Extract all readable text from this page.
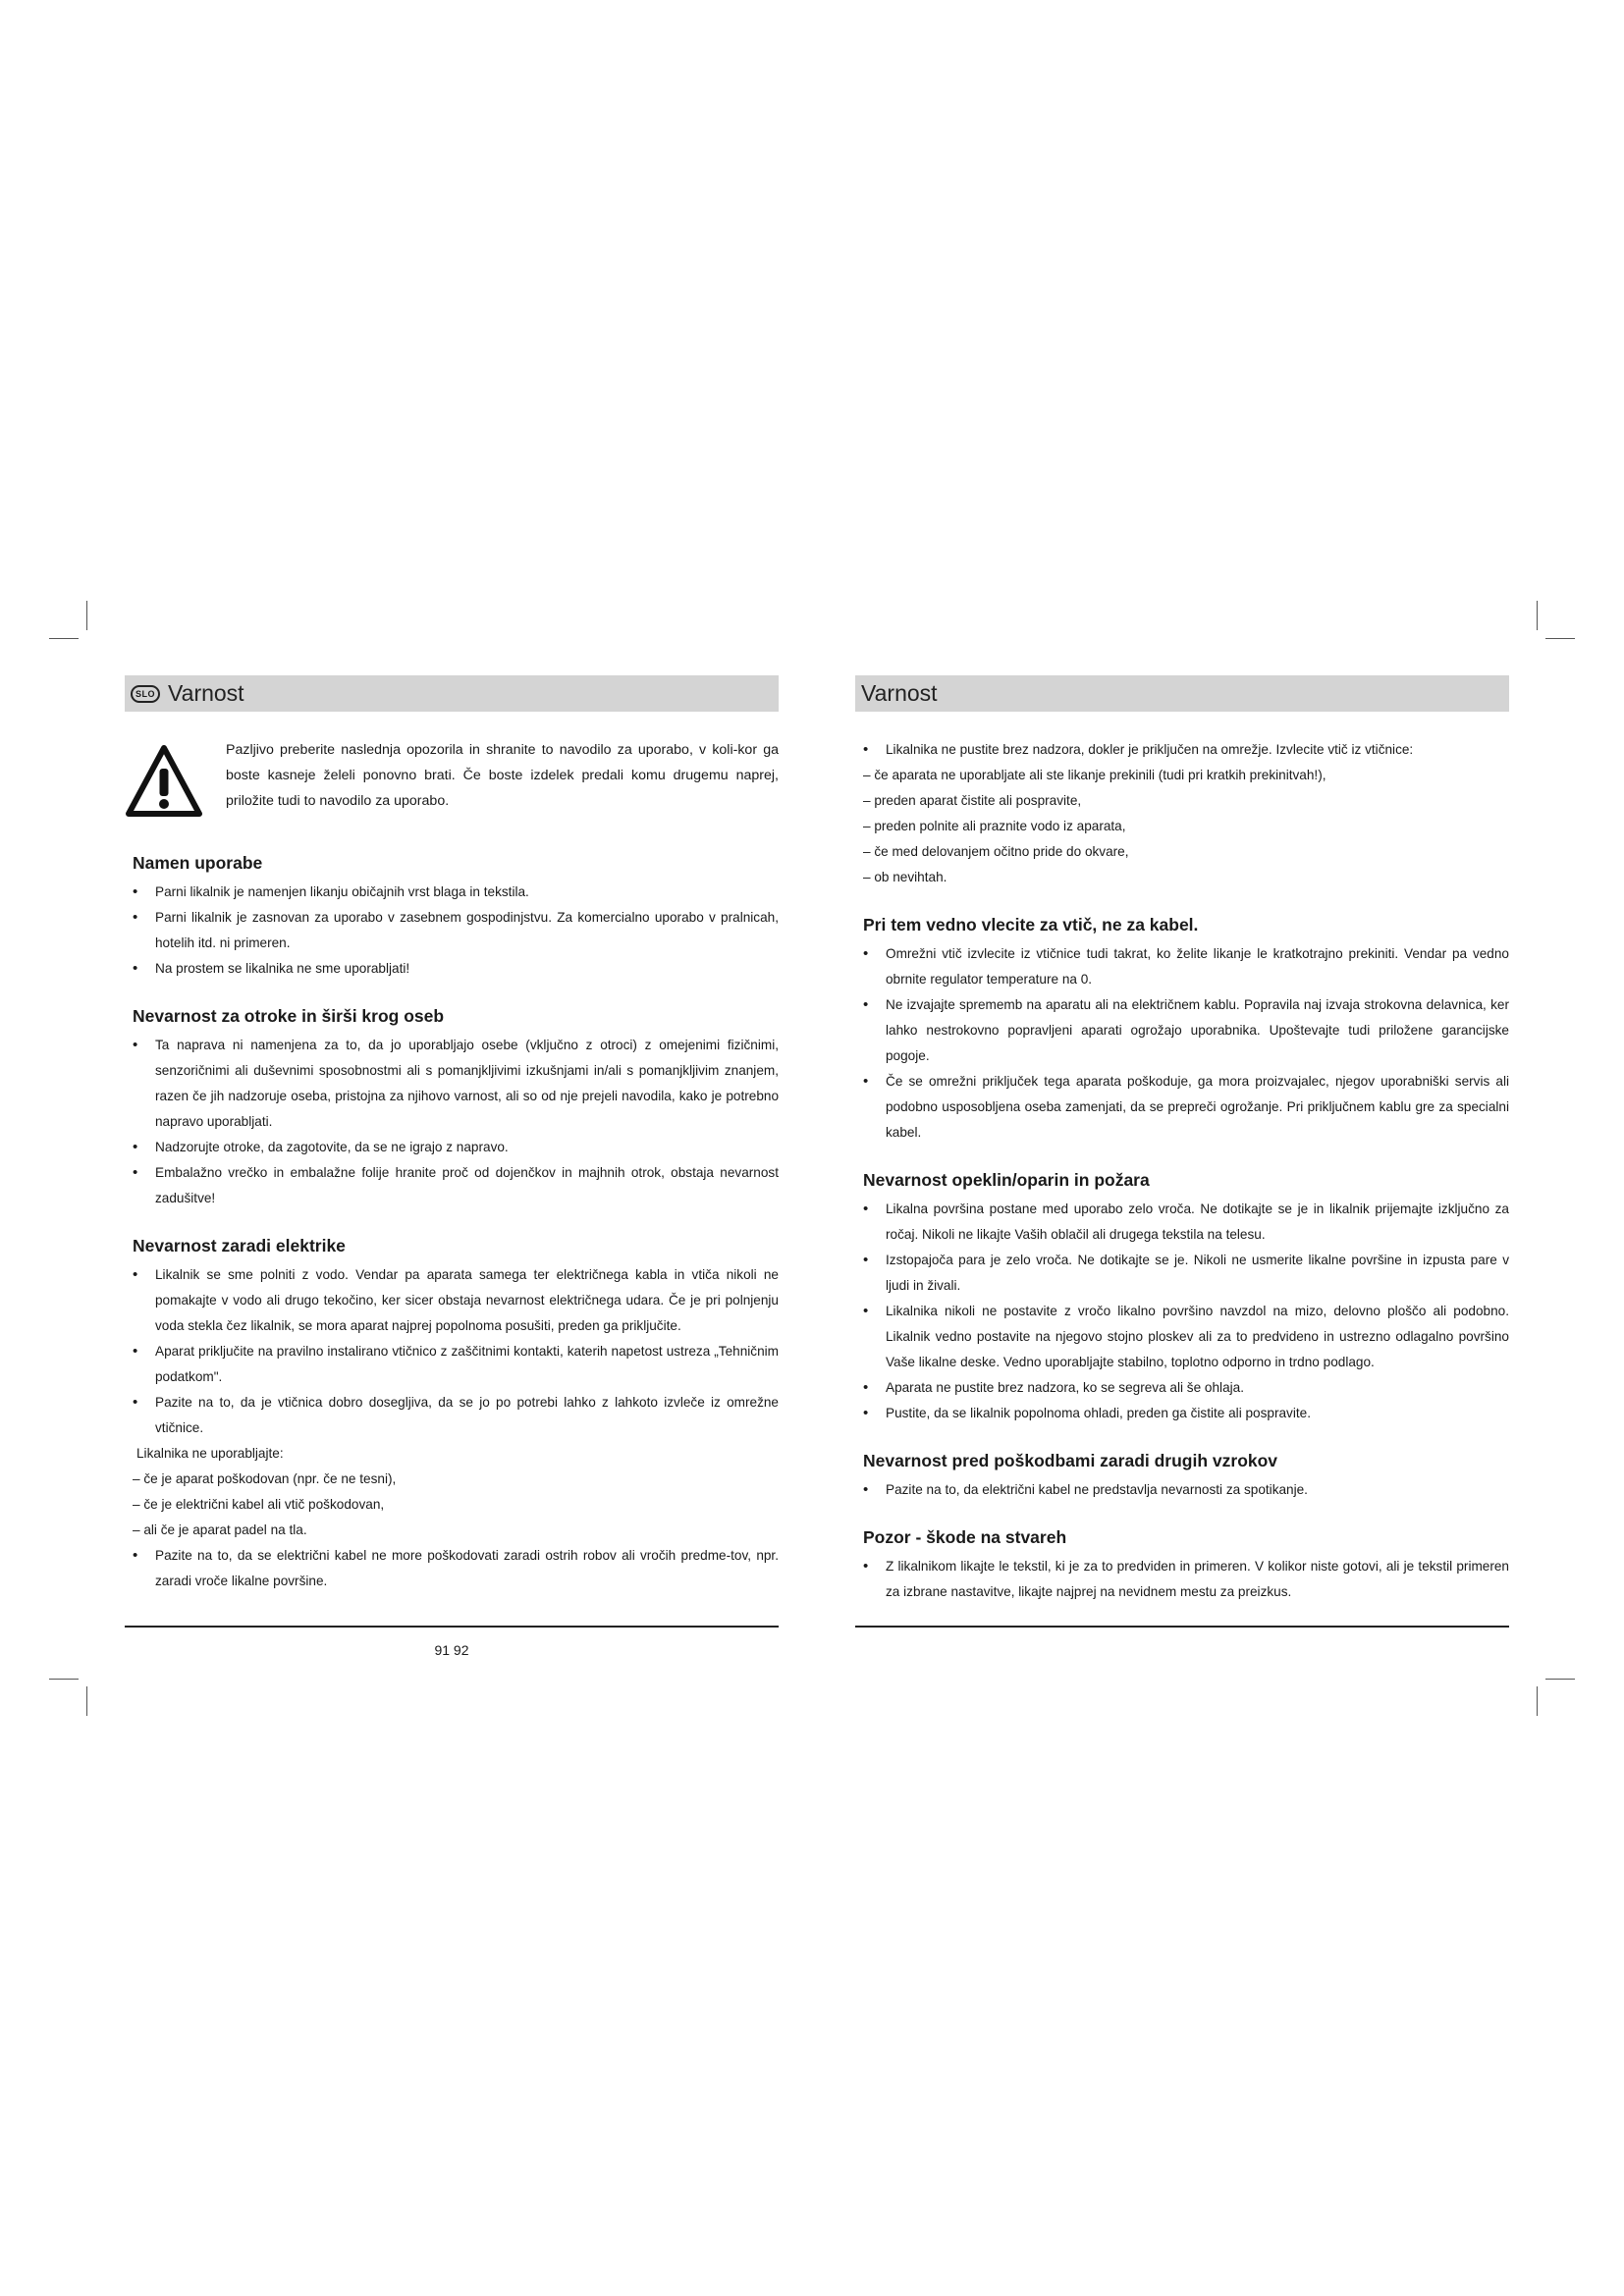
SLO Varnost
Pazljivo preberite naslednja opozorila in shranite to navodilo za uporabo, v koli-kor ga boste kasneje želeli ponovno brati. Če boste izdelek predali komu drugemu naprej, priložite tudi to navodilo za uporabo.
Namen uporabe
• Parni likalnik je namenjen likanju običajnih vrst blaga in tekstila.
• Parni likalnik je zasnovan za uporabo v zasebnem gospodinjstvu. Za komercialno uporabo v pralnicah, hotelih itd. ni primeren.
• Na prostem se likalnika ne sme uporabljati!
Nevarnost za otroke in širši krog oseb
• Ta naprava ni namenjena za to, da jo uporabljajo osebe (vključno z otroci) z omejenimi fizičnimi, senzoričnimi ali duševnimi sposobnostmi ali s pomanjkljivimi izkušnjami in/ali s pomanjkljivim znanjem, razen če jih nadzoruje oseba, pristojna za njihovo varnost, ali so od nje prejeli navodila, kako je potrebno napravo uporabljati.
• Nadzorujte otroke, da zagotovite, da se ne igrajo z napravo.
• Embalažno vrečko in embalažne folije hranite proč od dojenčkov in majhnih otrok, obstaja nevarnost zadušitve!
Nevarnost zaradi elektrike
• Likalnik se sme polniti z vodo. Vendar pa aparata samega ter električnega kabla in vtiča nikoli ne pomakajte v vodo ali drugo tekočino, ker sicer obstaja nevarnost električnega udara. Če je pri polnjenju voda stekla čez likalnik, se mora aparat najprej popolnoma posušiti, preden ga priključite.
• Aparat priključite na pravilno instalirano vtičnico z zaščitnimi kontakti, katerih napetost ustreza „Tehničnim podatkom".
• Pazite na to, da je vtičnica dobro dosegljiva, da se jo po potrebi lahko z lahkoto izvleče iz omrežne vtičnice.
Likalnika ne uporabljajte:
– če je aparat poškodovan (npr. če ne tesni),
– če je električni kabel ali vtič poškodovan,
– ali če je aparat padel na tla.
• Pazite na to, da se električni kabel ne more poškodovati zaradi ostrih robov ali vročih predme-tov, npr. zaradi vroče likalne površine.
91 92
Varnost
• Likalnika ne pustite brez nadzora, dokler je priključen na omrežje. Izvlecite vtič iz vtičnice:
– če aparata ne uporabljate ali ste likanje prekinili (tudi pri kratkih prekinitvah!),
– preden aparat čistite ali pospravite,
– preden polnite ali praznite vodo iz aparata,
– če med delovanjem očitno pride do okvare,
– ob nevihtah.
Pri tem vedno vlecite za vtič, ne za kabel.
• Omrežni vtič izvlecite iz vtičnice tudi takrat, ko želite likanje le kratkotrajno prekiniti. Vendar pa vedno obrnite regulator temperature na 0.
• Ne izvajajte sprememb na aparatu ali na električnem kablu. Popravila naj izvaja strokovna delavnica, ker lahko nestrokovno popravljeni aparati ogrožajo uporabnika. Upoštevajte tudi priložene garancijske pogoje.
• Če se omrežni priključek tega aparata poškoduje, ga mora proizvajalec, njegov uporabniški servis ali podobno usposobljena oseba zamenjati, da se prepreči ogrožanje. Pri priključnem kablu gre za specialni kabel.
Nevarnost opeklin/oparin in požara
• Likalna površina postane med uporabo zelo vroča. Ne dotikajte se je in likalnik prijemajte izključno za ročaj. Nikoli ne likajte Vaših oblačil ali drugega tekstila na telesu.
• Izstopajoča para je zelo vroča. Ne dotikajte se je. Nikoli ne usmerite likalne površine in izpusta pare v ljudi in živali.
• Likalnika nikoli ne postavite z vročo likalno površino navzdol na mizo, delovno ploščo ali podobno. Likalnik vedno postavite na njegovo stojno ploskev ali za to predvideno in ustrezno odlagalno površino Vaše likalne deske. Vedno uporabljajte stabilno, toplotno odporno in trdno podlago.
• Aparata ne pustite brez nadzora, ko se segreva ali še ohlaja.
• Pustite, da se likalnik popolnoma ohladi, preden ga čistite ali pospravite.
Nevarnost pred poškodbami zaradi drugih vzrokov
• Pazite na to, da električni kabel ne predstavlja nevarnosti za spotikanje.
Pozor - škode na stvareh
• Z likalnikom likajte le tekstil, ki je za to predviden in primeren. V kolikor niste gotovi, ali je tekstil primeren za izbrane nastavitve, likajte najprej na nevidnem mestu za preizkus.
